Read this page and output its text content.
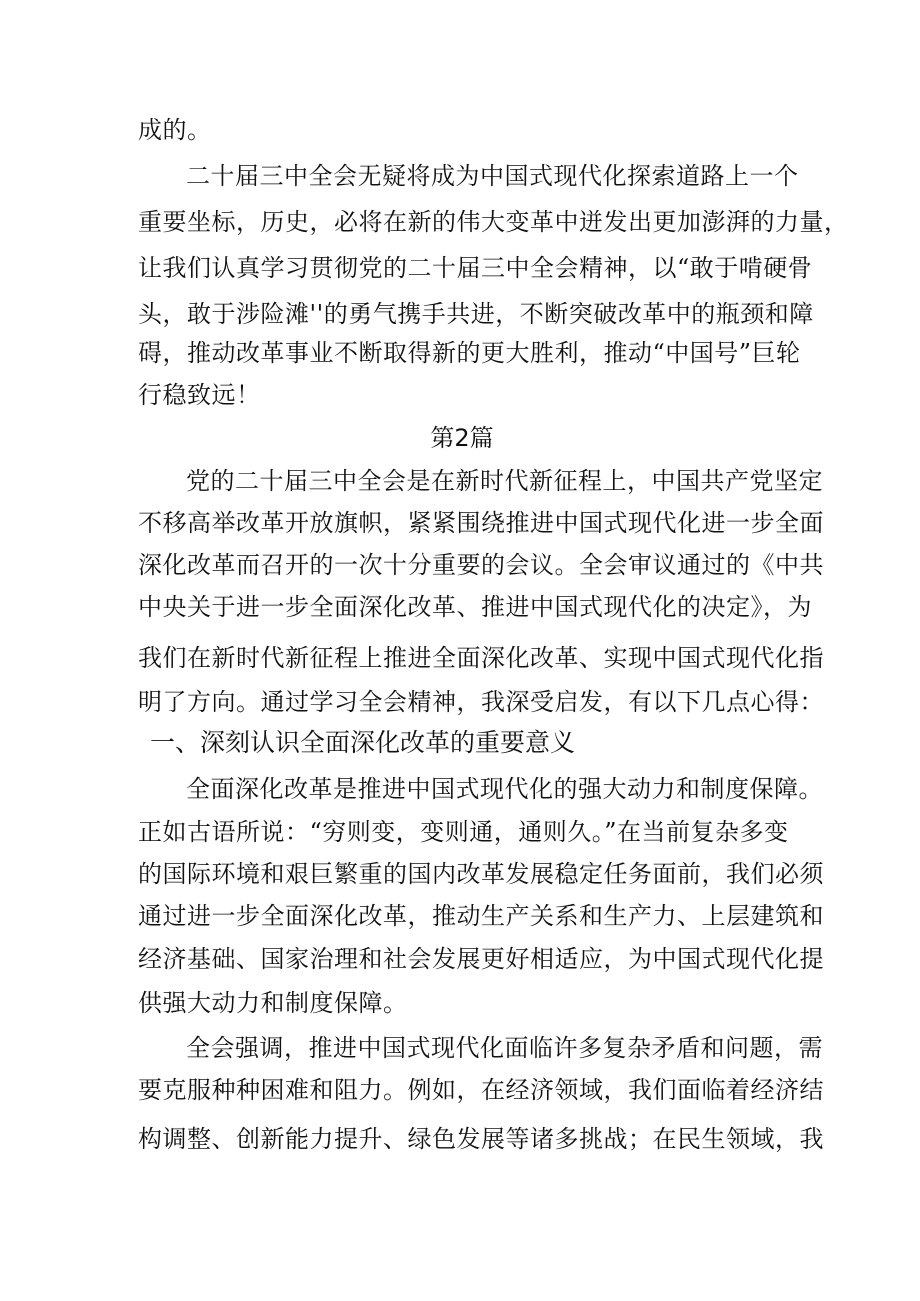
成的。
二十届三中全会无疑将成为中国式现代化探索道路上一个
重要坐标，历史，必将在新的伟大变革中迸发出更加澎湃的力量，
让我们认真学习贯彻党的二十届三中全会精神，以“敢于啃硬骨
头，敢于涉险滩''的勇气携手共进，不断突破改革中的瓶颈和障
碍，推动改革事业不断取得新的更大胜利，推动“中国号”巨轮
行稳致远！
第2篇
党的二十届三中全会是在新时代新征程上，中国共产党坚定
不移高举改革开放旗帜，紧紧围绕推进中国式现代化进一步全面
深化改革而召开的一次十分重要的会议。全会审议通过的《中共
中央关于进一步全面深化改革、推进中国式现代化的决定》，为
我们在新时代新征程上推进全面深化改革、实现中国式现代化指
明了方向。通过学习全会精神，我深受启发，有以下几点心得：
一、深刻认识全面深化改革的重要意义
全面深化改革是推进中国式现代化的强大动力和制度保障。
正如古语所说：“穷则变，变则通，通则久。”在当前复杂多变
的国际环境和艰巨繁重的国内改革发展稳定任务面前，我们必须
通过进一步全面深化改革，推动生产关系和生产力、上层建筑和
经济基础、国家治理和社会发展更好相适应，为中国式现代化提
供强大动力和制度保障。
全会强调，推进中国式现代化面临许多复杂矛盾和问题，需
要克服种种困难和阻力。例如，在经济领域，我们面临着经济结
构调整、创新能力提升、绿色发展等诸多挑战；在民生领域，我
